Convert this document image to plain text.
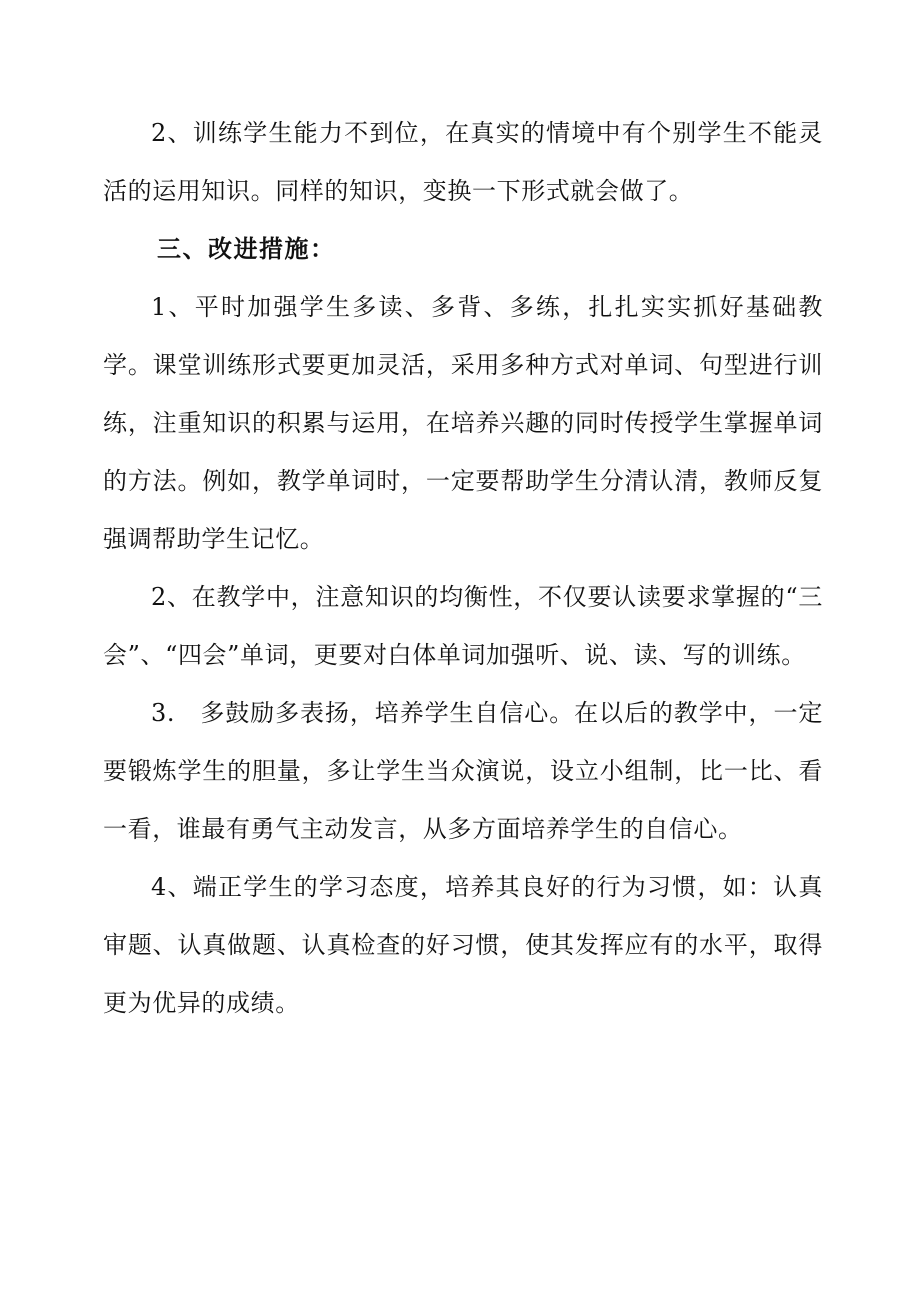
2、训练学生能力不到位，在真实的情境中有个别学生不能灵活的运用知识。同样的知识，变换一下形式就会做了。

三、改进措施：

1、平时加强学生多读、多背、多练，扎扎实实抓好基础教学。课堂训练形式要更加灵活，采用多种方式对单词、句型进行训练，注重知识的积累与运用，在培养兴趣的同时传授学生掌握单词的方法。例如，教学单词时，一定要帮助学生分清认清，教师反复强调帮助学生记忆。

2、在教学中，注意知识的均衡性，不仅要认读要求掌握的“三会”、“四会”单词，更要对白体单词加强听、说、读、写的训练。

3.　多鼓励多表扬，培养学生自信心。在以后的教学中，一定要锻炼学生的胆量，多让学生当众演说，设立小组制，比一比、看一看，谁最有勇气主动发言，从多方面培养学生的自信心。

4、端正学生的学习态度，培养其良好的行为习惯，如：认真审题、认真做题、认真检查的好习惯，使其发挥应有的水平，取得更为优异的成绩。
